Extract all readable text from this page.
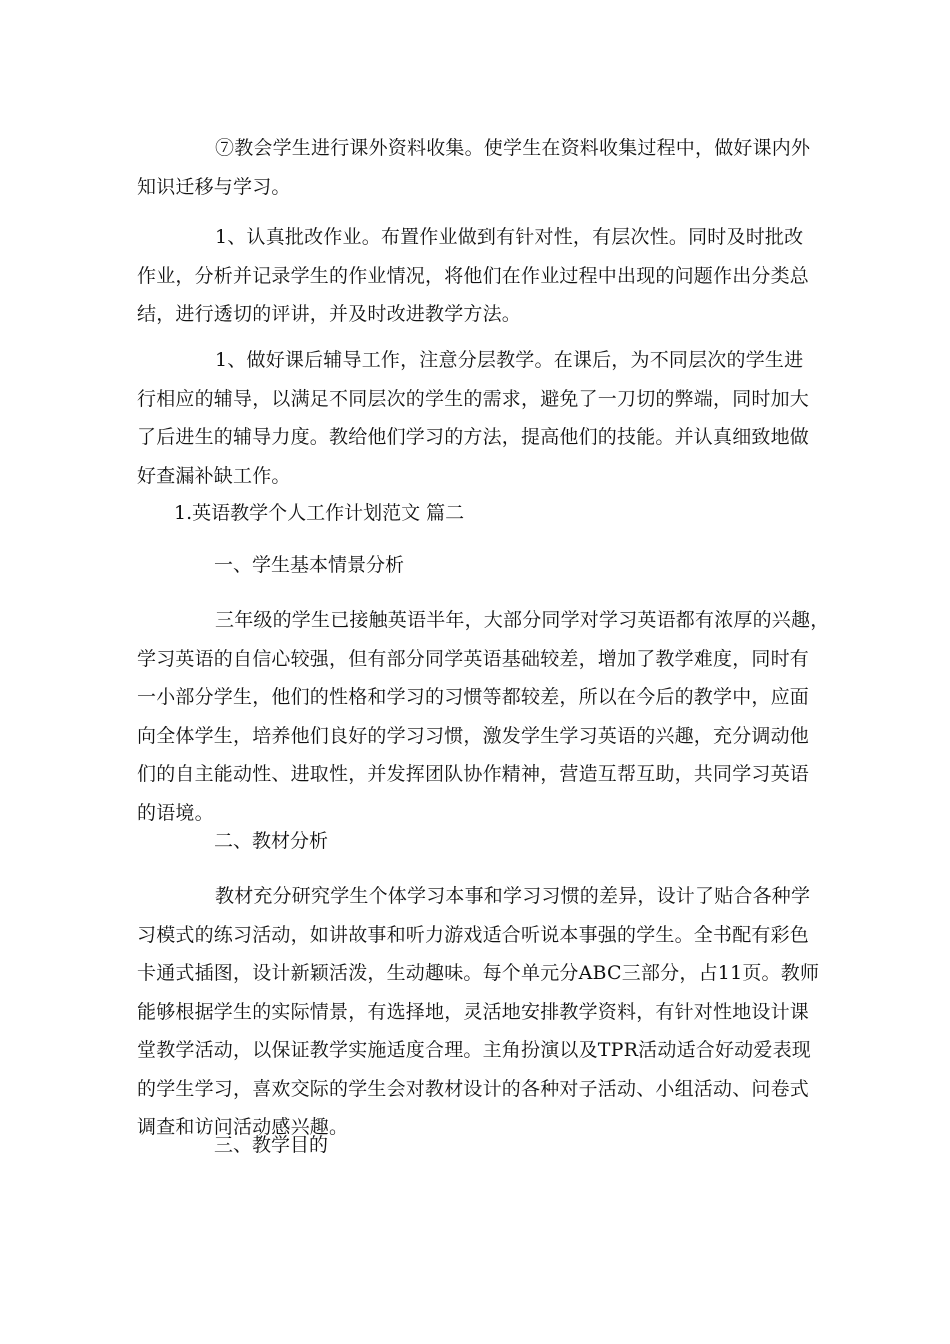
⑦教会学生进行课外资料收集。使学生在资料收集过程中，做好课内外
知识迁移与学习。
1、认真批改作业。布置作业做到有针对性，有层次性。同时及时批改
作业，分析并记录学生的作业情况，将他们在作业过程中出现的问题作出分类总
结，进行透切的评讲，并及时改进教学方法。
1、做好课后辅导工作，注意分层教学。在课后，为不同层次的学生进
行相应的辅导，以满足不同层次的学生的需求，避免了一刀切的弊端，同时加大
了后进生的辅导力度。教给他们学习的方法，提高他们的技能。并认真细致地做
好查漏补缺工作。
1.英语教学个人工作计划范文 篇二
一、学生基本情景分析
三年级的学生已接触英语半年，大部分同学对学习英语都有浓厚的兴趣，
学习英语的自信心较强，但有部分同学英语基础较差，增加了教学难度，同时有
一小部分学生，他们的性格和学习的习惯等都较差，所以在今后的教学中，应面
向全体学生，培养他们良好的学习习惯，激发学生学习英语的兴趣，充分调动他
们的自主能动性、进取性，并发挥团队协作精神，营造互帮互助，共同学习英语
的语境。
二、教材分析
教材充分研究学生个体学习本事和学习习惯的差异，设计了贴合各种学
习模式的练习活动，如讲故事和听力游戏适合听说本事强的学生。全书配有彩色
卡通式插图，设计新颖活泼，生动趣味。每个单元分ABC三部分，占11页。教师
能够根据学生的实际情景，有选择地，灵活地安排教学资料，有针对性地设计课
堂教学活动，以保证教学实施适度合理。主角扮演以及TPR活动适合好动爱表现
的学生学习，喜欢交际的学生会对教材设计的各种对子活动、小组活动、问卷式
调查和访问活动感兴趣。
三、教学目的
